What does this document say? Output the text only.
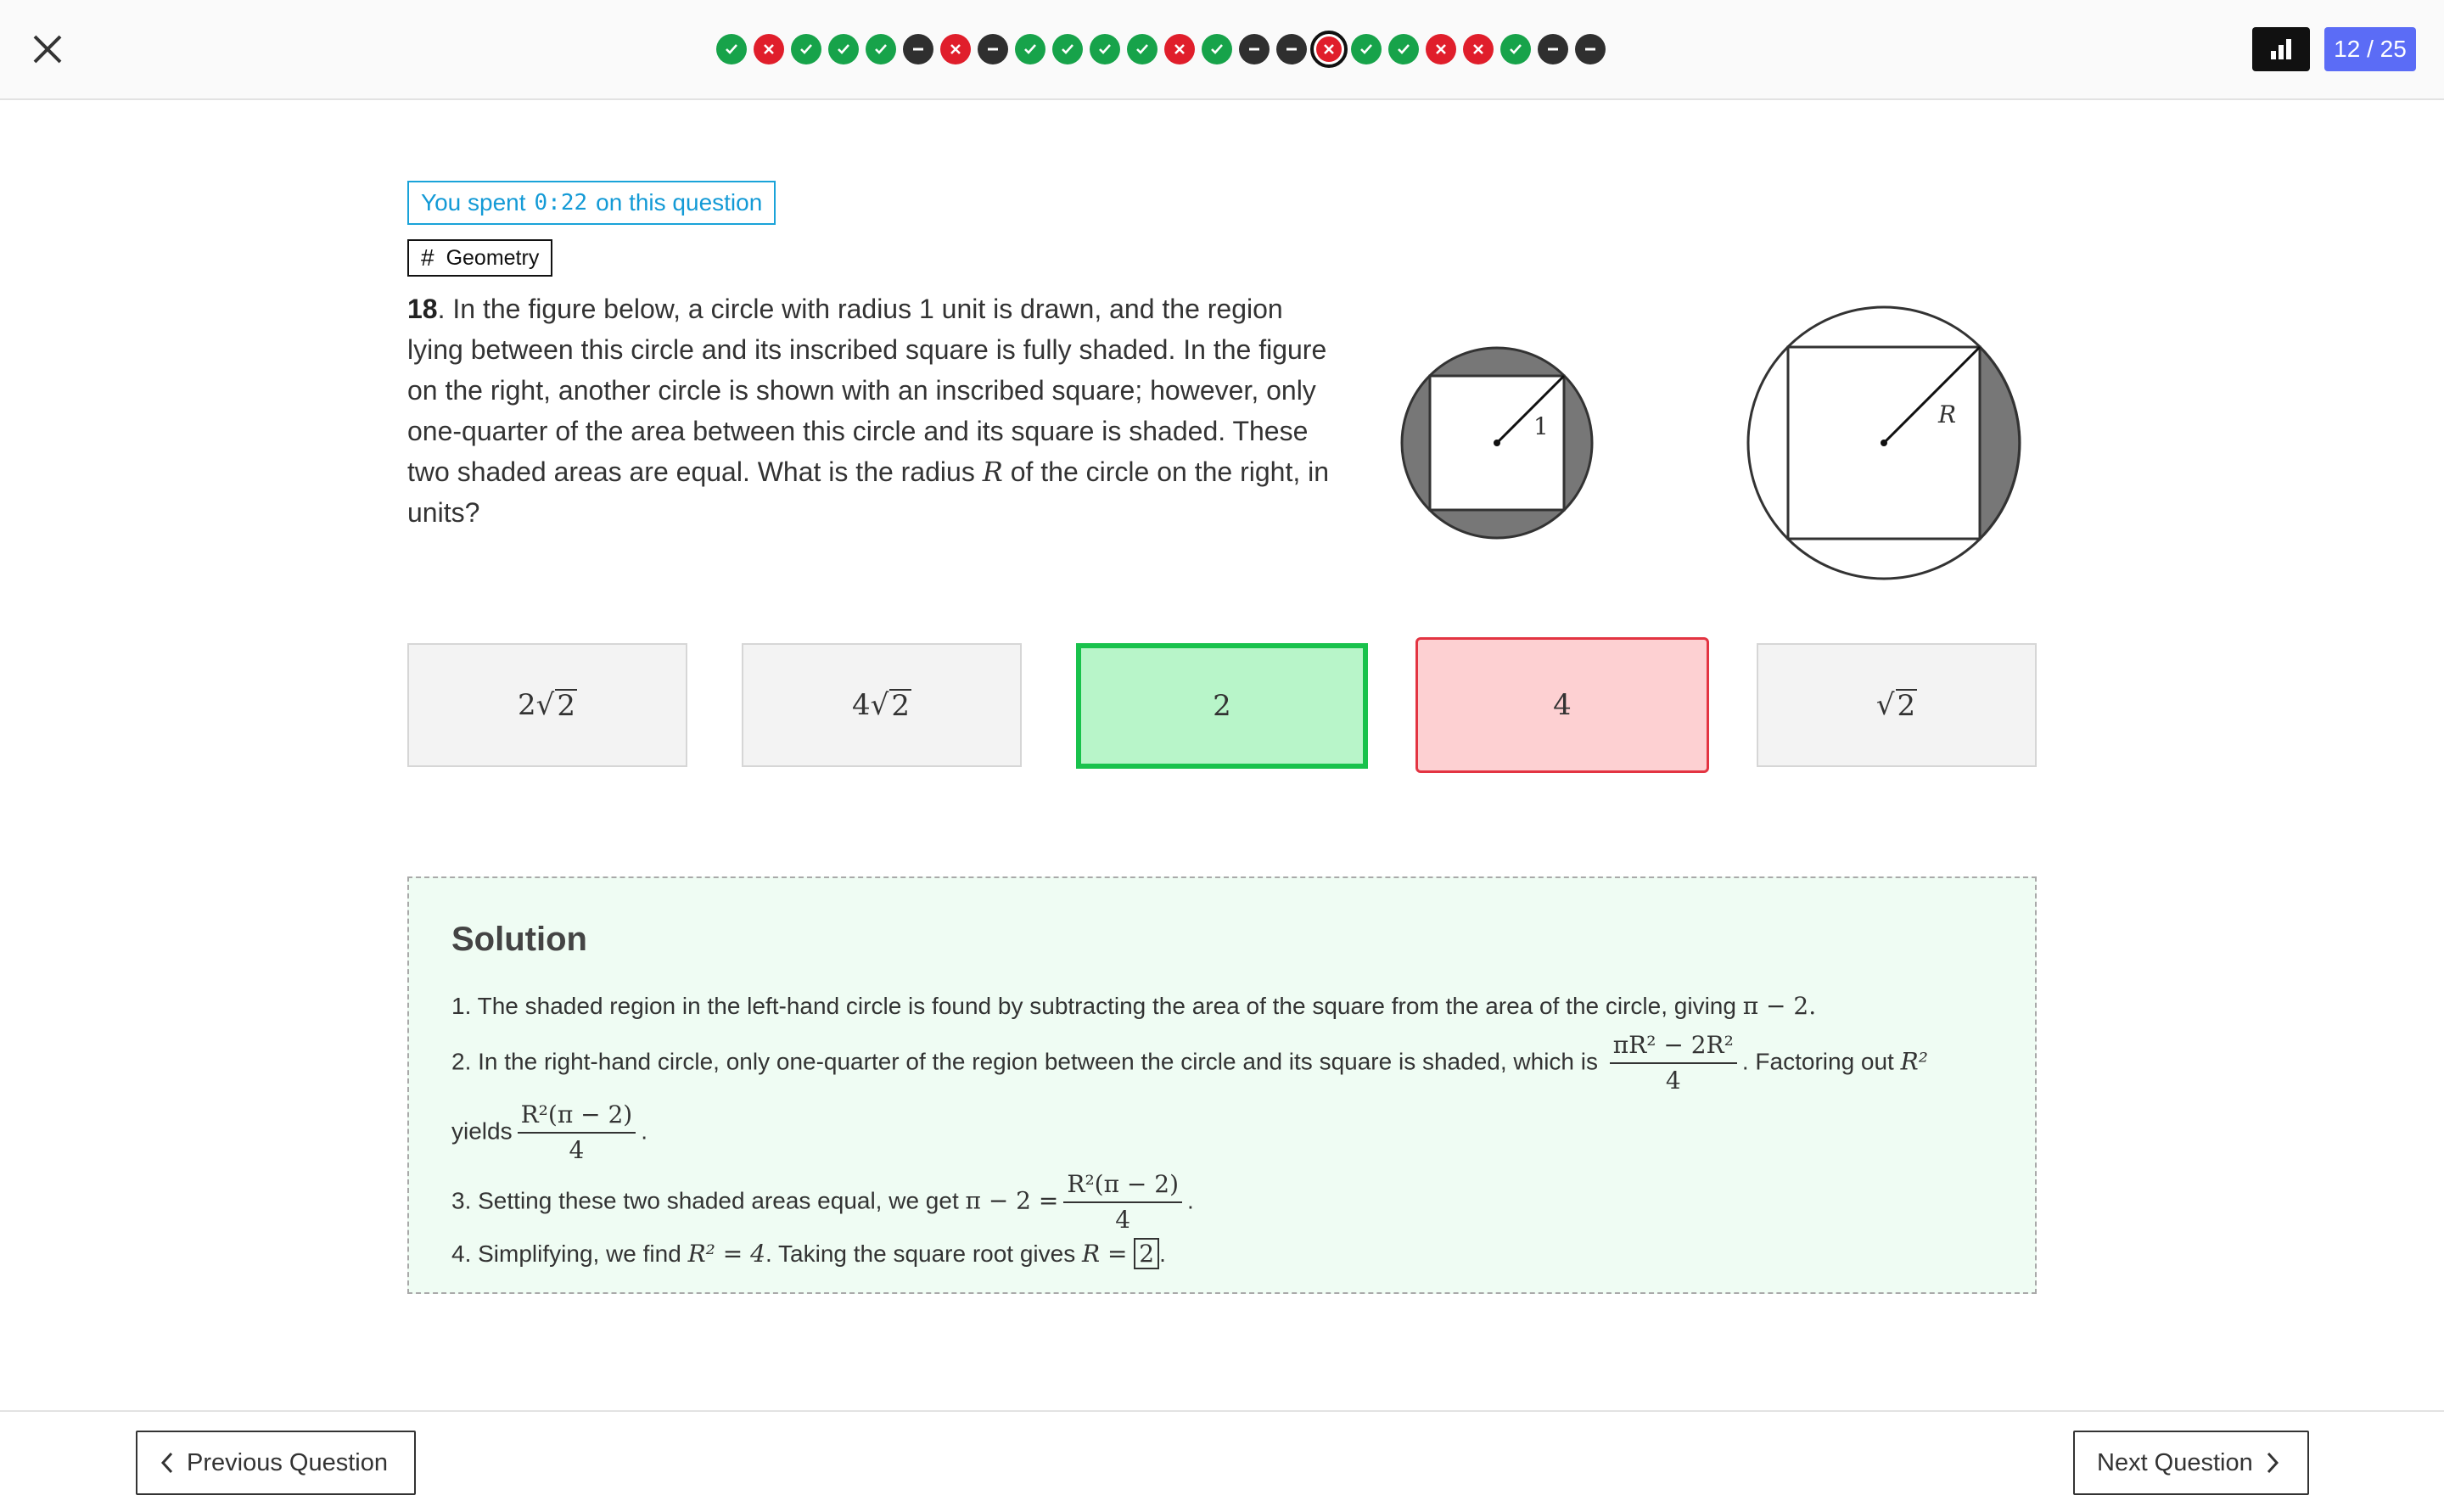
12 / 25
You spent 0:22 on this question
# Geometry
18. In the figure below, a circle with radius 1 unit is drawn, and the region lying between this circle and its inscribed square is fully shaded. In the figure on the right, another circle is shown with an inscribed square; however, only one-quarter of the area between this circle and its square is shaded. These two shaded areas are equal. What is the radius R of the circle on the right, in units?
1	R
2 √ 2	4 √ 2	2	4	√ 2
Solution
1. The shaded region in the left-hand circle is found by subtracting the area of the square from the area of the circle, giving π − 2.
2. In the right-hand circle, only one-quarter of the region between the circle and its square is shaded, which is $\frac{\text{πR² − 2R²}}{4}$ . Factoring out R²
yields $\frac{\text{R²(π − 2)}}{4}$ .
3. Setting these two shaded areas equal, we get $\pi - 2 = \frac{\text{R²(π − 2)}}{4}$ .
4. Simplifying, we find R² = 4. Taking the square root gives R = 2 .
Previous Question	Next Question
